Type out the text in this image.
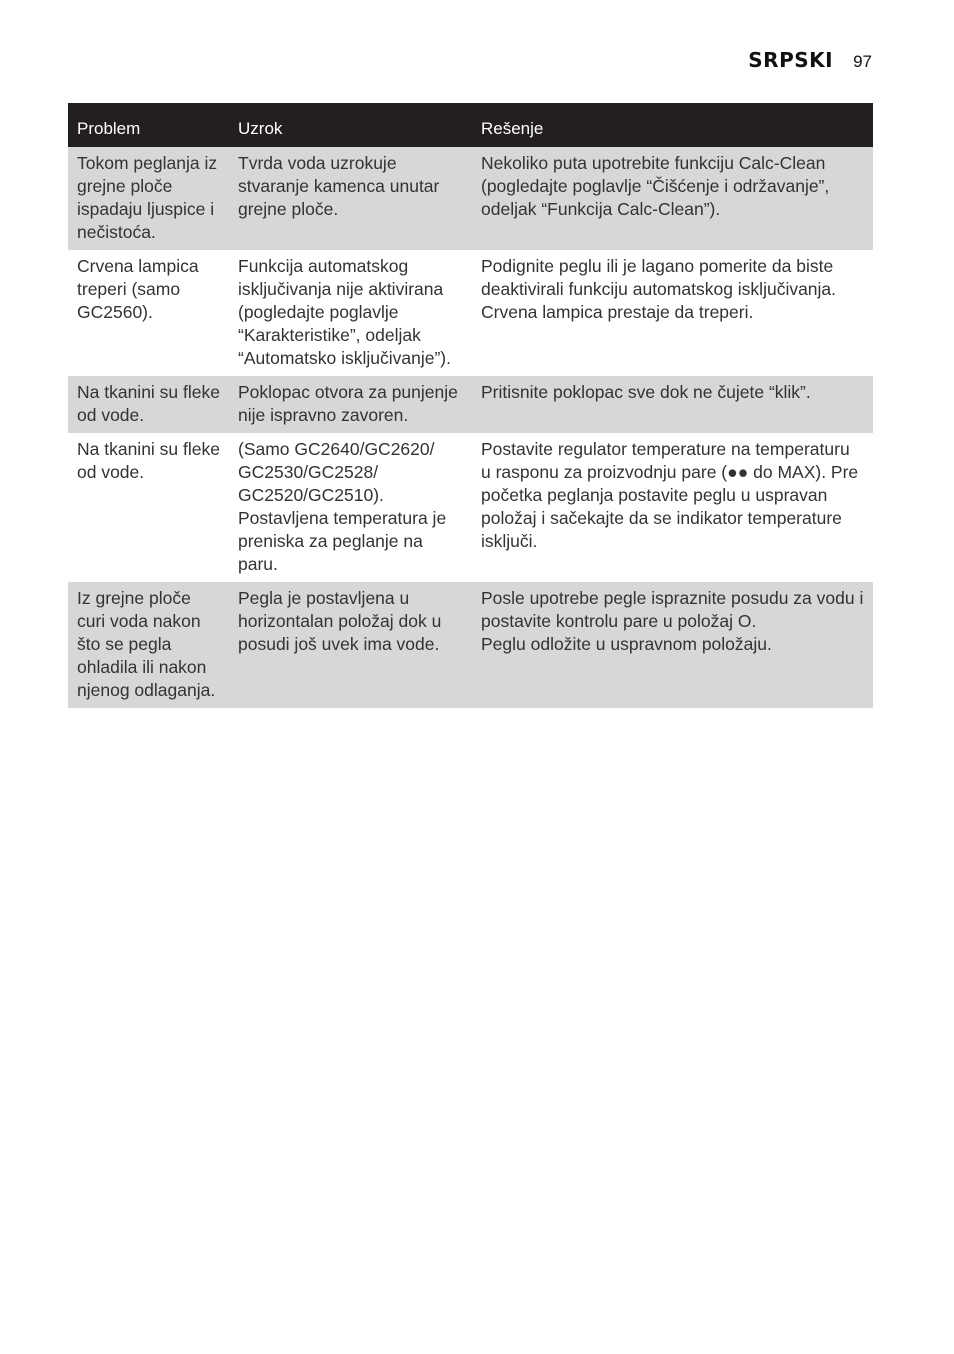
SRPSKI 97
Problem	Uzrok	Rešenje
Tokom peglanja iz grejne ploče ispadaju ljuspice i nečistoća.	Tvrda voda uzrokuje stvaranje kamenca unutar grejne ploče.	Nekoliko puta upotrebite funkciju Calc-Clean (pogledajte poglavlje “Čišćenje i održavanje”, odeljak “Funkcija Calc-Clean”).
Crvena lampica treperi (samo GC2560).	Funkcija automatskog isključivanja nije aktivirana (pogledajte poglavlje “Karakteristike”, odeljak “Automatsko isključivanje”).	Podignite peglu ili je lagano pomerite da biste deaktivirali funkciju automatskog isključivanja. Crvena lampica prestaje da treperi.
Na tkanini su fleke od vode.	Poklopac otvora za punjenje nije ispravno zavoren.	Pritisnite poklopac sve dok ne čujete “klik”.
Na tkanini su fleke od vode.	(Samo GC2640/GC2620/ GC2530/GC2528/ GC2520/GC2510). Postavljena temperatura je preniska za peglanje na paru.	Postavite regulator temperature na temperaturu u rasponu za proizvodnju pare (●● do MAX). Pre početka peglanja postavite peglu u uspravan položaj i sačekajte da se indikator temperature isključi.
Iz grejne ploče curi voda nakon što se pegla ohladila ili nakon njenog odlaganja.	Pegla je postavljena u horizontalan položaj dok u posudi još uvek ima vode.	Posle upotrebe pegle ispraznite posudu za vodu i postavite kontrolu pare u položaj O.
Peglu odložite u uspravnom položaju.
